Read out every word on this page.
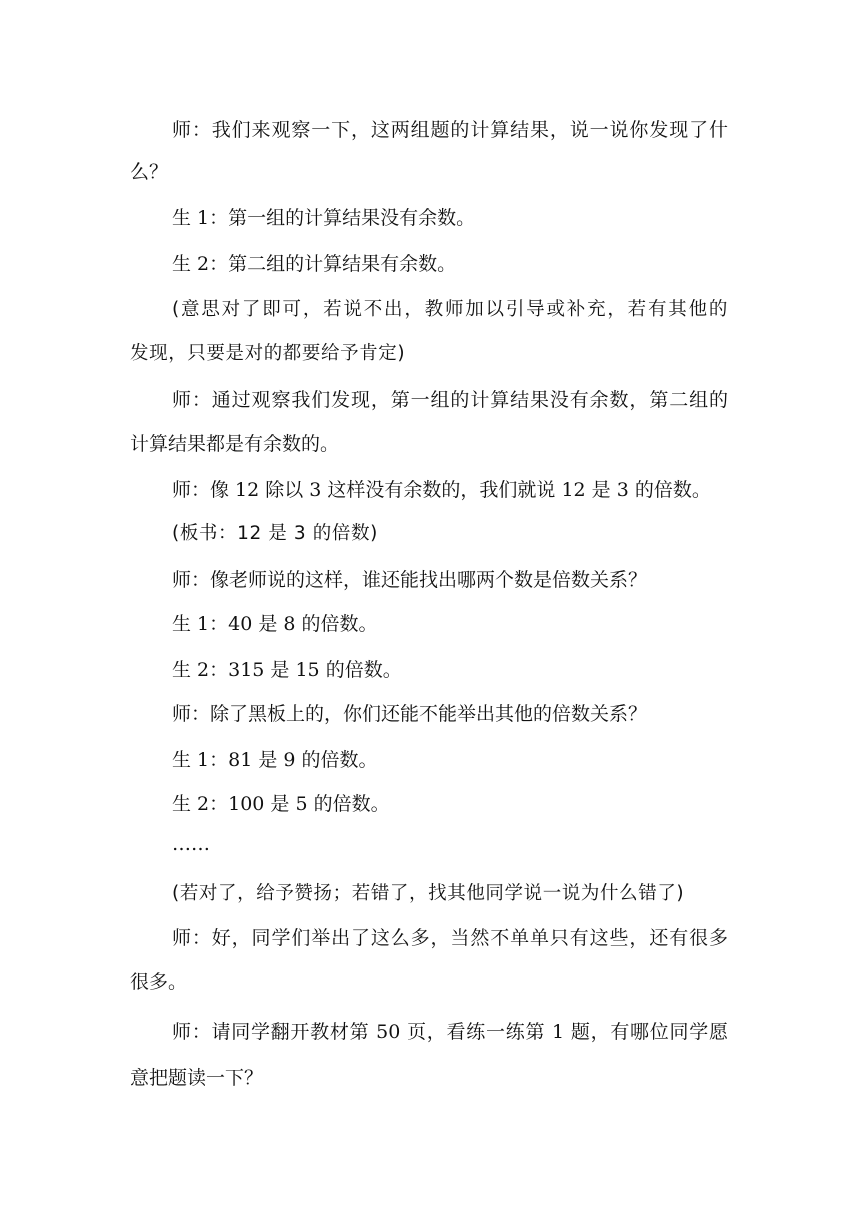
师：我们来观察一下，这两组题的计算结果，说一说你发现了什
么？
生 1：第一组的计算结果没有余数。
生 2：第二组的计算结果有余数。
(意思对了即可，若说不出，教师加以引导或补充，若有其他的
发现，只要是对的都要给予肯定)
师：通过观察我们发现，第一组的计算结果没有余数，第二组的
计算结果都是有余数的。
师：像 12 除以 3 这样没有余数的，我们就说 12 是 3 的倍数。
(板书：12 是 3 的倍数)
师：像老师说的这样，谁还能找出哪两个数是倍数关系？
生 1：40 是 8 的倍数。
生 2：315 是 15 的倍数。
师：除了黑板上的，你们还能不能举出其他的倍数关系？
生 1：81 是 9 的倍数。
生 2：100 是 5 的倍数。
……
(若对了，给予赞扬；若错了，找其他同学说一说为什么错了)
师：好，同学们举出了这么多，当然不单单只有这些，还有很多
很多。
师：请同学翻开教材第 50 页，看练一练第 1 题，有哪位同学愿
意把题读一下？
